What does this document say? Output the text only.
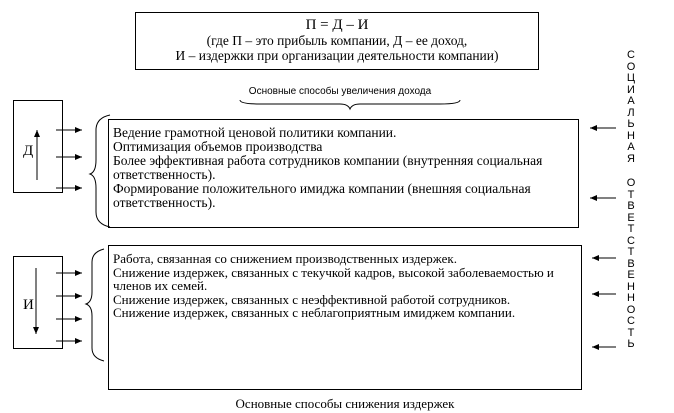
П = Д – И
(где П – это прибыль компании, Д – ее доход,
И – издержки при организации деятельности компании)
Основные способы увеличения дохода
Д
И

Ведение грамотной ценовой политики компании.

Оптимизация объемов производства

Более эффективная работа сотрудников компании (внутренняя социальная ответственность).

Формирование положительного имиджа компании (внешняя социальная ответственность).

Работа, связанная со снижением производственных издержек.

Снижение издержек, связанных с текучкой кадров, высокой заболеваемостью и членов их семей.

Снижение издержек, связанных с неэффективной работой сотрудников.

Снижение издержек, связанных с неблагоприятным имиджем компании.

Основные способы снижения издержек
С
О
Ц
И
А
Л
Ь
Н
А
Я
О
Т
В
Е
Т
С
Т
В
Е
Н
Н
О
С
Т
Ь
